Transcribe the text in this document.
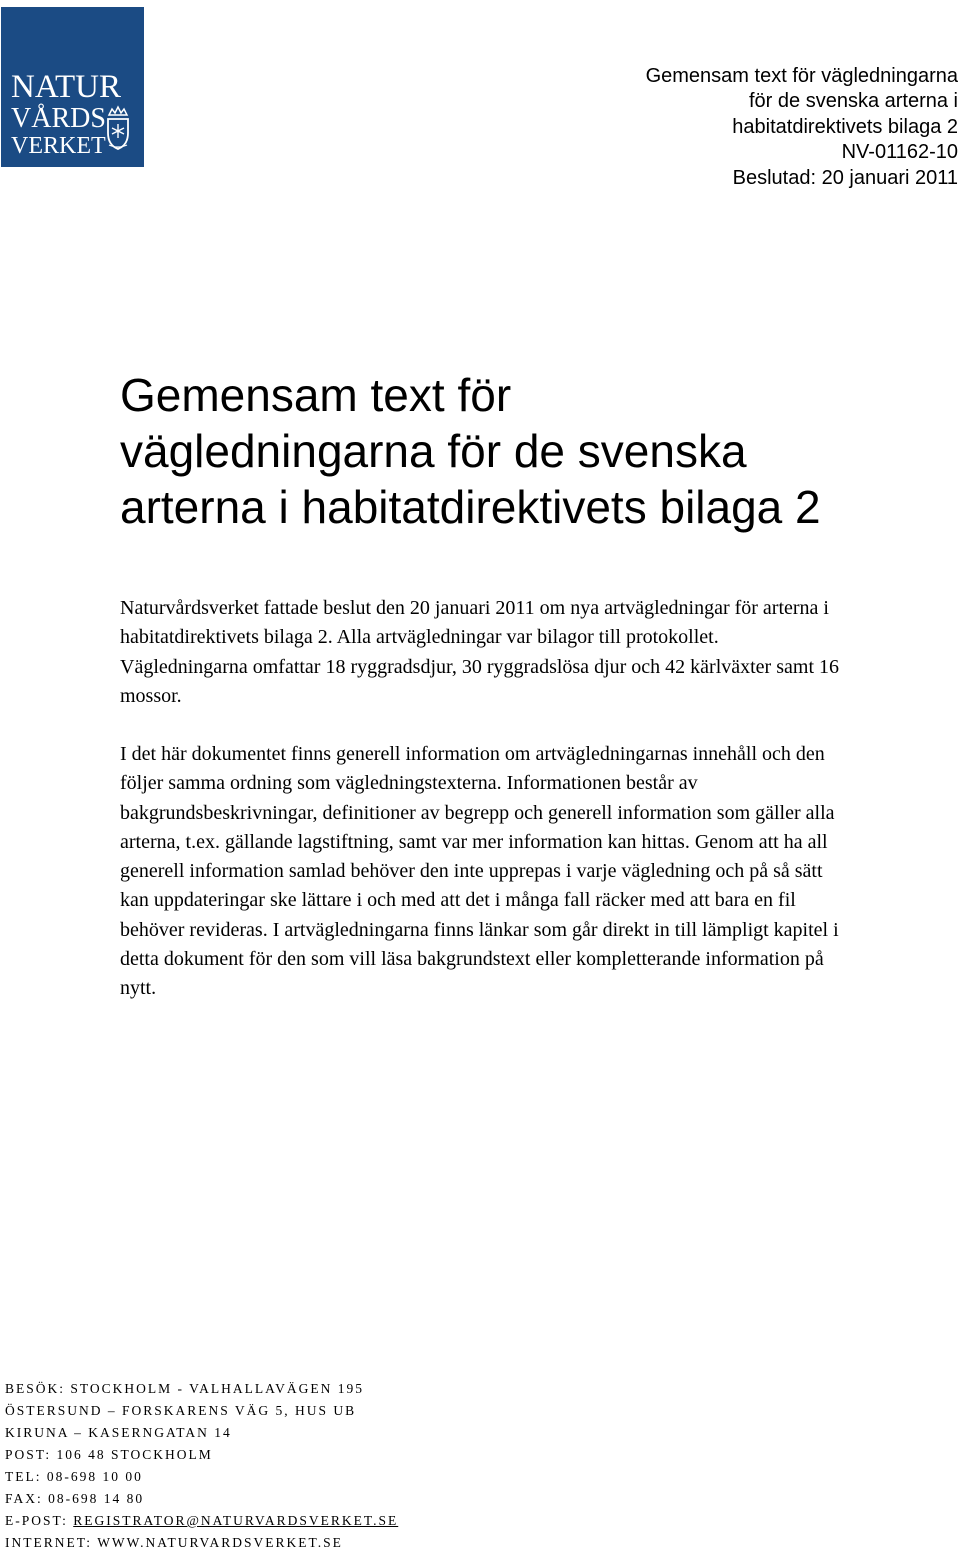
NATUR
VÅRDS
VERKET
Gemensam text för vägledningarna
för de svenska arterna i
habitatdirektivets bilaga 2
NV-01162-10
Beslutad: 20 januari 2011
Gemensam text för
vägledningarna för de svenska
arterna i habitatdirektivets bilaga 2

Naturvårdsverket fattade beslut den 20 januari 2011 om nya artvägledningar för arterna i habitatdirektivets bilaga 2. Alla artvägledningar var bilagor till protokollet. Vägledningarna omfattar 18 ryggradsdjur, 30 ryggradslösa djur och 42 kärlväxter samt 16 mossor.

I det här dokumentet finns generell information om artvägledningarnas innehåll och den följer samma ordning som vägledningstexterna. Informationen består av bakgrundsbeskrivningar, definitioner av begrepp och generell information som gäller alla arterna, t.ex. gällande lagstiftning, samt var mer information kan hittas. Genom att ha all generell information samlad behöver den inte upprepas i varje vägledning och på så sätt kan uppdateringar ske lättare i och med att det i många fall räcker med att bara en fil behöver revideras. I artvägledningarna finns länkar som går direkt in till lämpligt kapitel i detta dokument för den som vill läsa bakgrundstext eller kompletterande information på nytt.

BESÖK: STOCKHOLM - VALHALLAVÄGEN 195
ÖSTERSUND – FORSKARENS VÄG 5, HUS UB
KIRUNA – KASERNGATAN 14
POST: 106 48 STOCKHOLM
TEL: 08-698 10 00
FAX: 08-698 14 80
E-POST: REGISTRATOR@NATURVARDSVERKET.SE
INTERNET: WWW.NATURVARDSVERKET.SE
